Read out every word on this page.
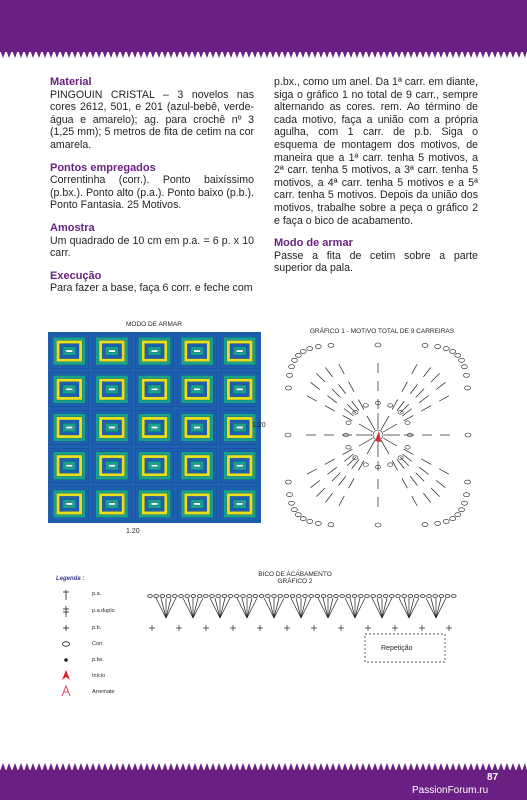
Material

PINGOUIN CRISTAL – 3 novelos nas cores 2612, 501, e 201 (azul-bebê, verde-água e amarelo); ag. para crochê nº 3 (1,25 mm); 5 metros de fita de cetim na cor amarela.

Pontos empregados

Correntinha (corr.). Ponto baixíssimo (p.bx.). Ponto alto (p.a.). Ponto baixo (p.b.). Ponto Fantasia. 25 Motivos.

Amostra

Um quadrado de 10 cm em p.a. = 6 p. x 10 carr.

Execução

Para fazer a base, faça 6 corr. e feche com

p.bx., como um anel. Da 1ª carr. em diante, siga o gráfico 1 no total de 9 carr., sempre alternando as cores. rem. Ao término de cada motivo, faça a união com a própria agulha, com 1 carr. de p.b. Siga o esquema de montagem dos motivos, de maneira que a 1ª carr. tenha 5 motivos, a 2ª carr. tenha 5 motivos, a 3ª carr. tenha 5 motivos, a 4ª carr. tenha 5 motivos e a 5ª carr. tenha 5 motivos. Depois da união dos motivos, trabalhe sobre a peça o gráfico 2 e faça o bico de acabamento.

Modo de armar

Passe a fita de cetim sobre a parte superior da pala.

MODO DE ARMAR
1.20
1.20
GRÁFICO 1 - MOTIVO TOTAL DE 9 CARREIRAS
BICO DE ACABAMENTO
GRÁFICO 2
Repetição
Legenda :
p.a.
p.a.duplo
p.b.
Corr.
p.bx.
Início
Arremate
87
PassionForum.ru
